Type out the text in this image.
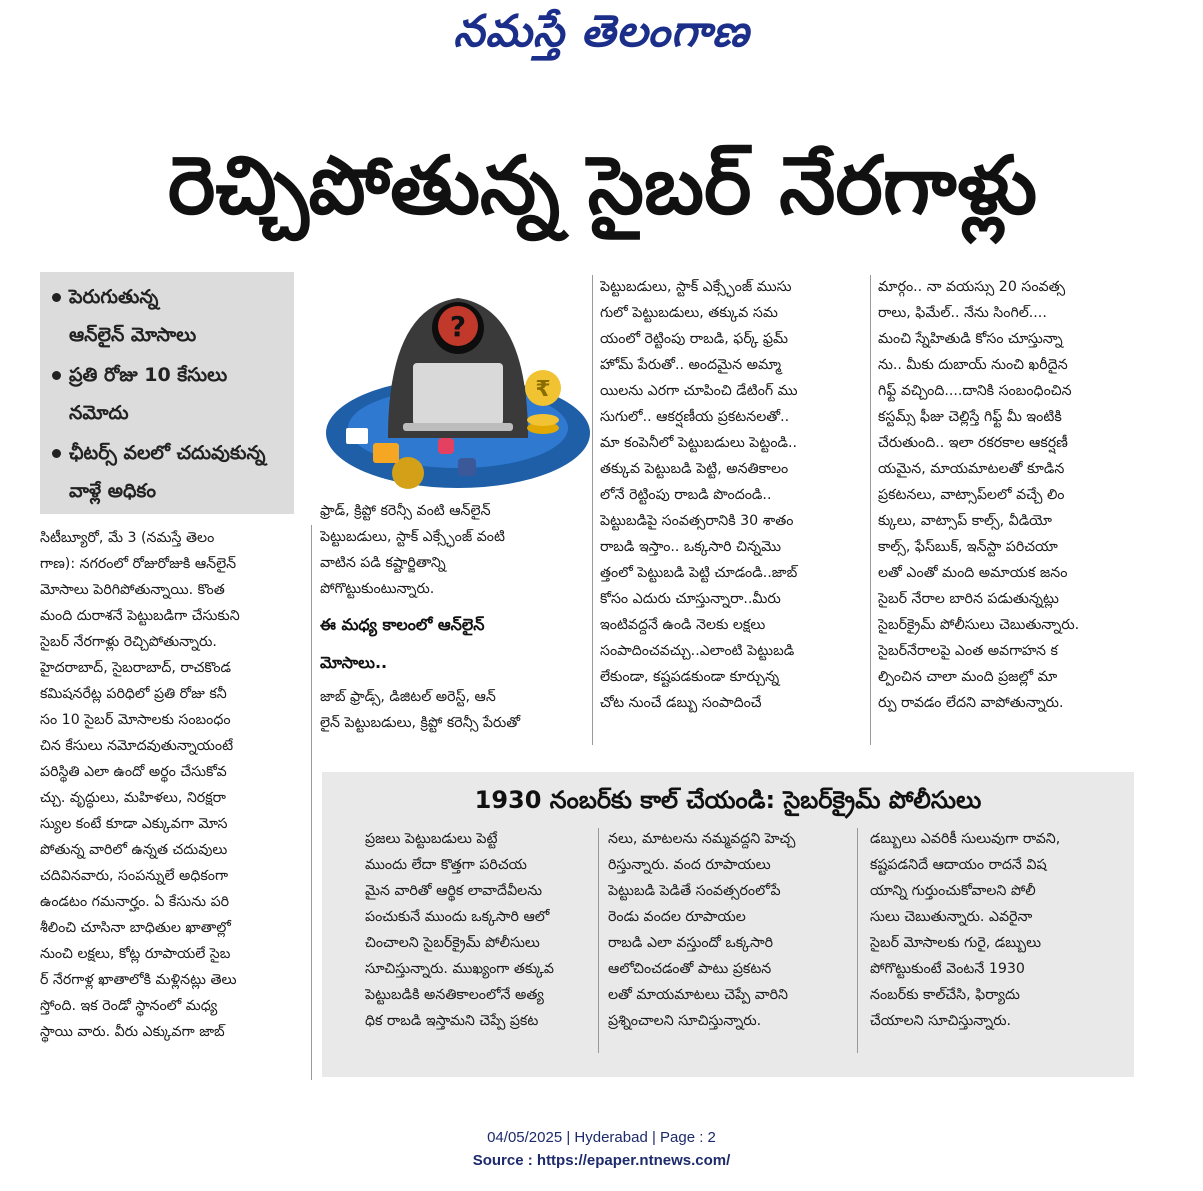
నమస్తే తెలంగాణ
రెచ్చిపోతున్న సైబర్ నేరగాళ్లు
పెరుగుతున్న
ఆన్‌లైన్ మోసాలు
ప్రతి రోజు 10 కేసులు
నమోదు
ఛీటర్స్ వలలో చదువుకున్న
వాళ్లే అధికం
?
₹

సిటీబ్యూరో, మే 3 (నమస్తే తెలం

గాణ): నగరంలో రోజురోజుకి ఆన్‌లైన్

మోసాలు పెరిగిపోతున్నాయి. కొంత

మంది దురాశనే పెట్టుబడిగా చేసుకుని

సైబర్ నేరగాళ్లు రెచ్చిపోతున్నారు.

హైదరాబాద్, సైబరాబాద్, రాచకొండ

కమిషనరేట్ల పరిధిలో ప్రతి రోజు కనీ

సం 10 సైబర్ మోసాలకు సంబంధం

చిన కేసులు నమోదవుతున్నాయంటే

పరిస్థితి ఎలా ఉందో అర్థం చేసుకోవ

చ్చు. వృద్ధులు, మహిళలు, నిరక్షరా

స్యుల కంటే కూడా ఎక్కువగా మోస

పోతున్న వారిలో ఉన్నత చదువులు

చదివినవారు, సంపన్నులే అధికంగా

ఉండటం గమనార్హం. ఏ కేసును పరి

శీలించి చూసినా బాధితుల ఖాతాల్లో

నుంచి లక్షలు, కోట్ల రూపాయలే సైబ

ర్ నేరగాళ్ల ఖాతాలోకి మళ్లినట్లు తెలు

స్తోంది. ఇక రెండో స్థానంలో మధ్య

స్థాయి వారు. వీరు ఎక్కువగా జాబ్

ఫ్రాడ్, క్రిప్టో కరెన్సీ వంటి ఆన్‌లైన్

పెట్టుబడులు, స్టాక్ ఎక్స్ఛేంజ్ వంటి

వాటిన పడి కష్టార్జితాన్ని

పోగొట్టుకుంటున్నారు.

ఈ మధ్య కాలంలో ఆన్‌లైన్
మోసాలు..

జాబ్ ఫ్రాడ్స్, డిజిటల్ అరెస్ట్, ఆన్

లైన్ పెట్టుబడులు, క్రిప్టో కరెన్సీ పేరుతో

పెట్టుబడులు, స్టాక్ ఎక్స్ఛేంజ్ ముసు

గులో పెట్టుబడులు, తక్కువ సమ

యంలో రెట్టింపు రాబడి, ఫర్క్ ఫ్రమ్

హోమ్ పేరుతో.. అందమైన అమ్మా

యిలను ఎరగా చూపించి డేటింగ్ ము

సుగులో.. ఆకర్షణీయ ప్రకటనలతో..

మా కంపెనీలో పెట్టుబడులు పెట్టండి..

తక్కువ పెట్టుబడి పెట్టి, అనతికాలం

లోనే రెట్టింపు రాబడి పొందండి..

పెట్టుబడిపై సంవత్సరానికి 30 శాతం

రాబడి ఇస్తాం.. ఒక్కసారి చిన్నమొ

త్తంలో పెట్టుబడి పెట్టి చూడండి..జాబ్

కోసం ఎదురు చూస్తున్నారా..మీరు

ఇంటివద్దనే ఉండి నెలకు లక్షలు

సంపాదించవచ్చు..ఎలాంటి పెట్టుబడి

లేకుండా, కష్టపడకుండా కూర్చున్న

చోట నుంచే డబ్బు సంపాదించే

మార్గం.. నా వయస్సు 20 సంవత్స

రాలు, ఫిమేల్.. నేను సింగిల్....

మంచి స్నేహితుడి కోసం చూస్తున్నా

ను.. మీకు దుబాయ్ నుంచి ఖరీదైన

గిఫ్ట్ వచ్చింది....దానికి సంబంధించిన

కస్టమ్స్ ఫీజు చెల్లిస్తే గిఫ్ట్ మీ ఇంటికి

చేరుతుంది.. ఇలా రకరకాల ఆకర్షణీ

యమైన, మాయమాటలతో కూడిన

ప్రకటనలు, వాట్సాప్‌లలో వచ్చే లిం

క్కులు, వాట్సాప్ కాల్స్, వీడియో

కాల్స్, ఫేస్‌బుక్, ఇన్‌స్టా పరిచయా

లతో ఎంతో మంది అమాయక జనం

సైబర్ నేరాల బారిన పడుతున్నట్లు

సైబర్‌క్రైమ్ పోలీసులు చెబుతున్నారు.

సైబర్‌నేరాలపై ఎంత అవగాహన క

ల్పించిన చాలా మంది ప్రజల్లో మా

ర్పు రావడం లేదని వాపోతున్నారు.

1930 నంబర్‌కు కాల్ చేయండి: సైబర్‌క్రైమ్ పోలీసులు

ప్రజలు పెట్టుబడులు పెట్టే

ముందు లేదా కొత్తగా పరిచయ

మైన వారితో ఆర్థిక లావాదేవీలను

పంచుకునే ముందు ఒక్కసారి ఆలో

చించాలని సైబర్‌క్రైమ్ పోలీసులు

సూచిస్తున్నారు. ముఖ్యంగా తక్కువ

పెట్టుబడికి అనతికాలంలోనే అత్య

ధిక రాబడి ఇస్తామని చెప్పే ప్రకట

నలు, మాటలను నమ్మవద్దని హెచ్చ

రిస్తున్నారు. వంద రూపాయలు

పెట్టుబడి పెడితే సంవత్సరంలోపే

రెండు వందల రూపాయల

రాబడి ఎలా వస్తుందో ఒక్కసారి

ఆలోచించడంతో పాటు ప్రకటన

లతో మాయమాటలు చెప్పే వారిని

ప్రశ్నించాలని సూచిస్తున్నారు.

డబ్బులు ఎవరికీ సులువుగా రావని,

కష్టపడనిదే ఆదాయం రాదనే విష

యాన్ని గుర్తుంచుకోవాలని పోలీ

సులు చెబుతున్నారు. ఎవరైనా

సైబర్ మోసాలకు గురై, డబ్బులు

పోగొట్టుకుంటే వెంటనే 1930

నంబర్‌కు కాల్‌చేసి, ఫిర్యాదు

చేయాలని సూచిస్తున్నారు.

04/05/2025 | Hyderabad | Page : 2
Source : https://epaper.ntnews.com/
